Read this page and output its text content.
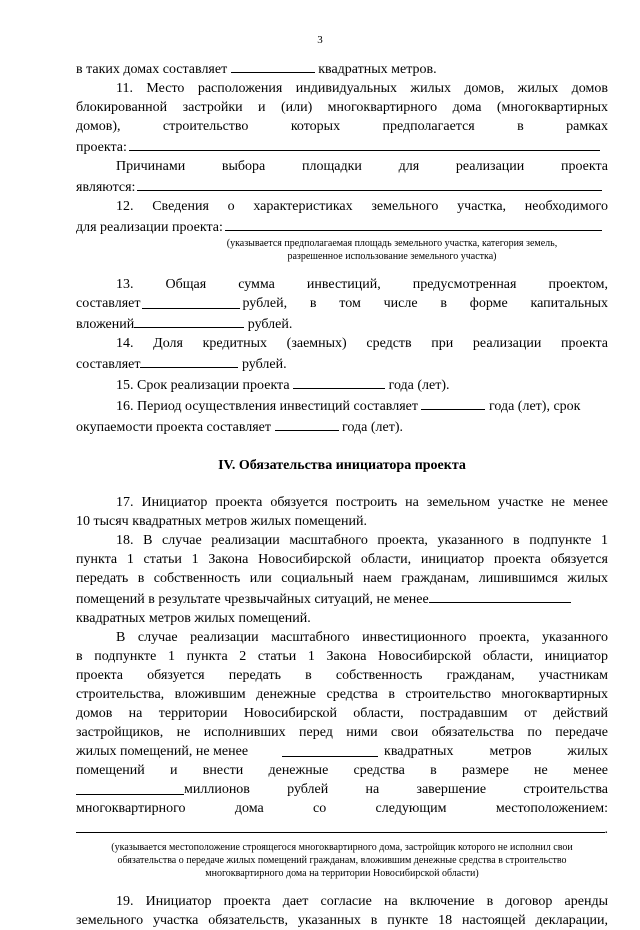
3

в таких домах составляет	квадратных метров.

11. Место расположения индивидуальных жилых домов, жилых домов

блокированной застройки и (или) многоквартирного дома (многоквартирных

домов), строительство которых предполагается в рамках

проекта:

Причинами выбора площадки для реализации проекта

являются:

12. Сведения о характеристиках земельного участка, необходимого

для реализации проекта:

(указывается предполагаемая площадь земельного участка, категория земель, разрешенное использование земельного участка)

13. Общая сумма инвестиций, предусмотренная проектом,

составляет	рублей, в том числе в форме капитальных

вложений	рублей.

14. Доля кредитных (заемных) средств при реализации проекта

составляет	рублей.

15. Срок реализации проекта	года (лет).

16. Период осуществления инвестиций составляет	года (лет), срок

окупаемости проекта составляет	года (лет).

IV. Обязательства инициатора проекта

17. Инициатор проекта обязуется построить на земельном участке не менее

10 тысяч квадратных метров жилых помещений.

18. В случае реализации масштабного проекта, указанного в подпункте 1

пункта 1 статьи 1 Закона Новосибирской области, инициатор проекта обязуется

передать в собственность или социальный наем гражданам, лишившимся жилых

помещений в результате чрезвычайных ситуаций, не менее

квадратных метров жилых помещений.

В случае реализации масштабного инвестиционного проекта, указанного

в подпункте 1 пункта 2 статьи 1 Закона Новосибирской области, инициатор

проекта обязуется передать в собственность гражданам, участникам

строительства, вложившим денежные средства в строительство многоквартирных

домов на территории Новосибирской области, пострадавшим от действий

застройщиков, не исполнивших перед ними свои обязательства по передаче

жилых помещений, не менее	квадратных метров жилых

помещений и внести денежные средства в размере не менее

миллионов рублей на завершение строительства

многоквартирного дома со следующим местоположением:

.

(указывается местоположение строящегося многоквартирного дома, застройщик которого не исполнил свои обязательства о передаче жилых помещений гражданам, вложившим денежные средства в строительство многоквартирного дома на территории Новосибирской области)

19. Инициатор проекта дает согласие на включение в договор аренды

земельного участка обязательств, указанных в пункте 18 настоящей декларации,
